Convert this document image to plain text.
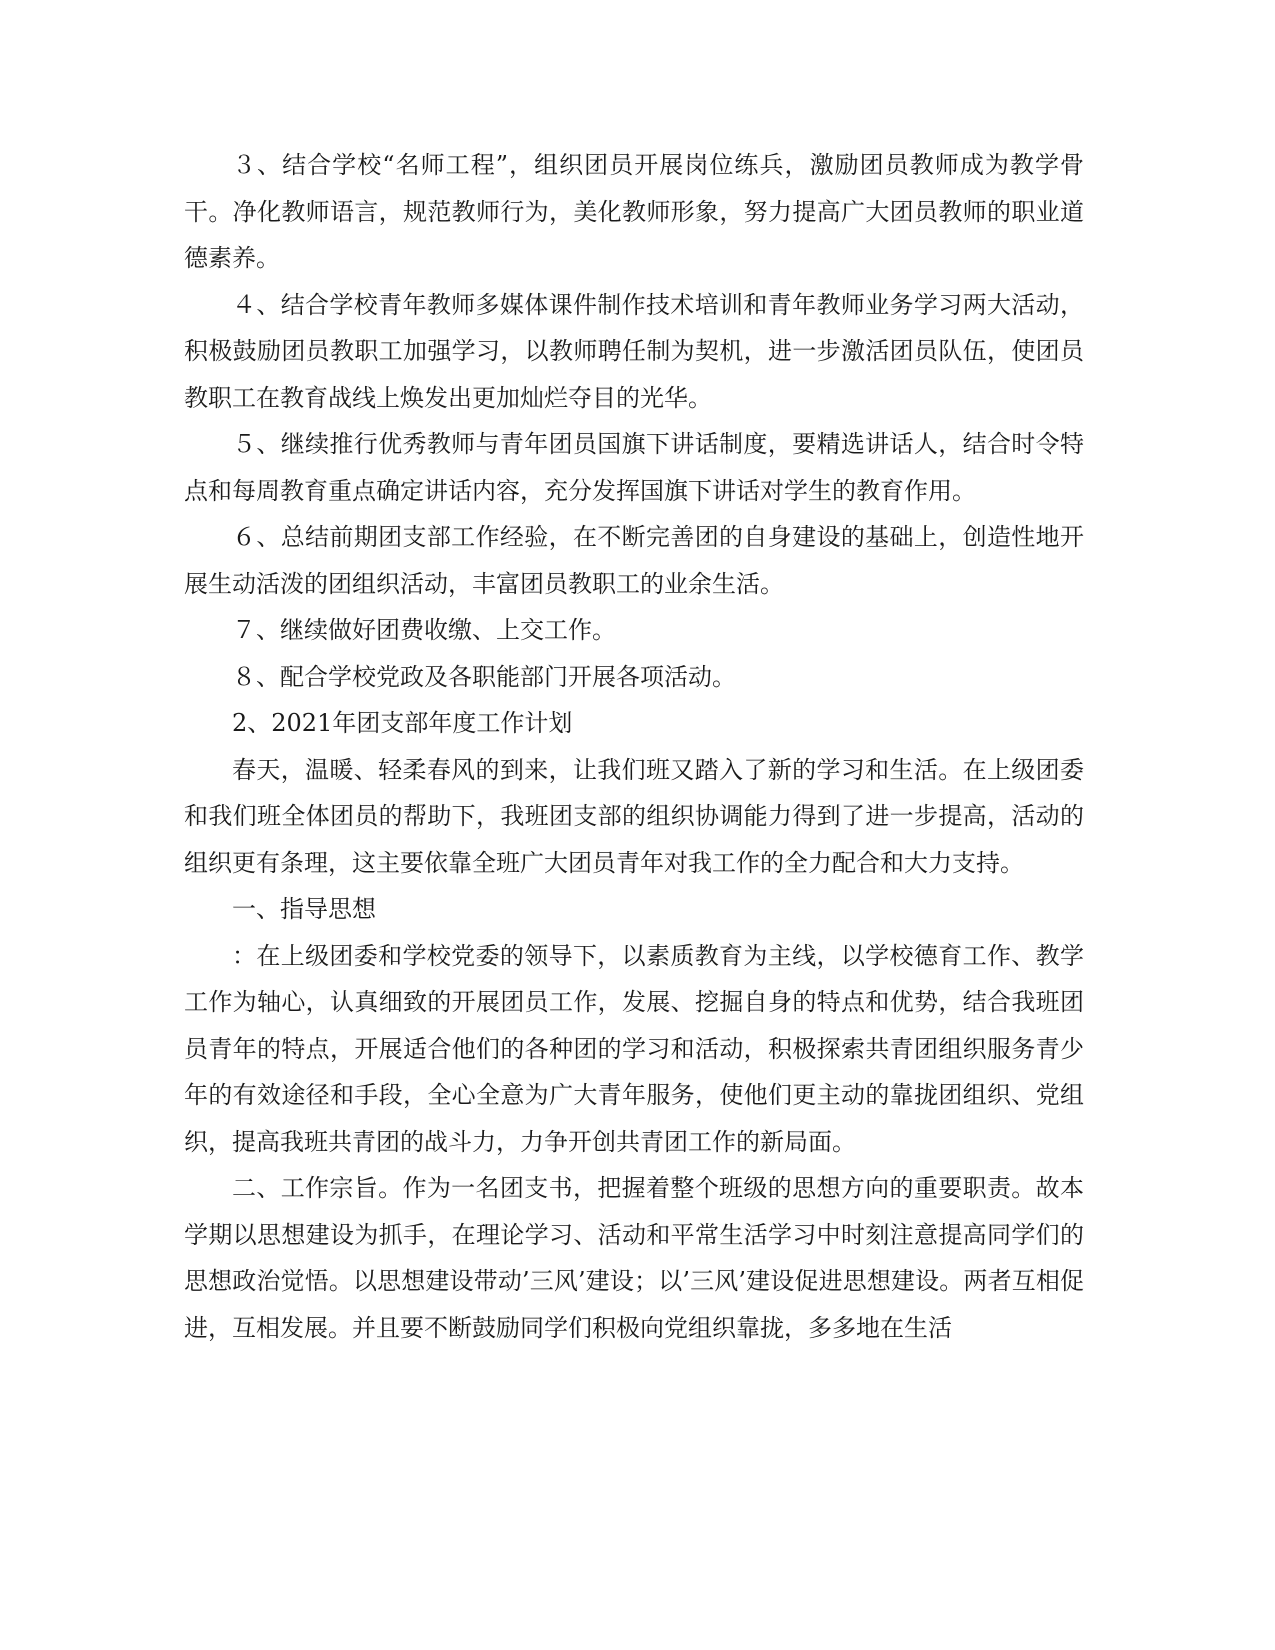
３、结合学校“名师工程”，组织团员开展岗位练兵，激励团员教师成为教学骨干。净化教师语言，规范教师行为，美化教师形象，努力提高广大团员教师的职业道德素养。

４、结合学校青年教师多媒体课件制作技术培训和青年教师业务学习两大活动，积极鼓励团员教职工加强学习，以教师聘任制为契机，进一步激活团员队伍，使团员教职工在教育战线上焕发出更加灿烂夺目的光华。

５、继续推行优秀教师与青年团员国旗下讲话制度，要精选讲话人，结合时令特点和每周教育重点确定讲话内容，充分发挥国旗下讲话对学生的教育作用。

６、总结前期团支部工作经验，在不断完善团的自身建设的基础上，创造性地开展生动活泼的团组织活动，丰富团员教职工的业余生活。

７、继续做好团费收缴、上交工作。

８、配合学校党政及各职能部门开展各项活动。

2、2021年团支部年度工作计划

春天，温暖、轻柔春风的到来，让我们班又踏入了新的学习和生活。在上级团委和我们班全体团员的帮助下，我班团支部的组织协调能力得到了进一步提高，活动的组织更有条理，这主要依靠全班广大团员青年对我工作的全力配合和大力支持。

一、指导思想

：在上级团委和学校党委的领导下，以素质教育为主线，以学校德育工作、教学工作为轴心，认真细致的开展团员工作，发展、挖掘自身的特点和优势，结合我班团员青年的特点，开展适合他们的各种团的学习和活动，积极探索共青团组织服务青少年的有效途径和手段，全心全意为广大青年服务，使他们更主动的靠拢团组织、党组织，提高我班共青团的战斗力，力争开创共青团工作的新局面。

二、工作宗旨。作为一名团支书，把握着整个班级的思想方向的重要职责。故本学期以思想建设为抓手，在理论学习、活动和平常生活学习中时刻注意提高同学们的思想政治觉悟。以思想建设带动’三风’建设；以’三风’建设促进思想建设。两者互相促进，互相发展。并且要不断鼓励同学们积极向党组织靠拢，多多地在生活
